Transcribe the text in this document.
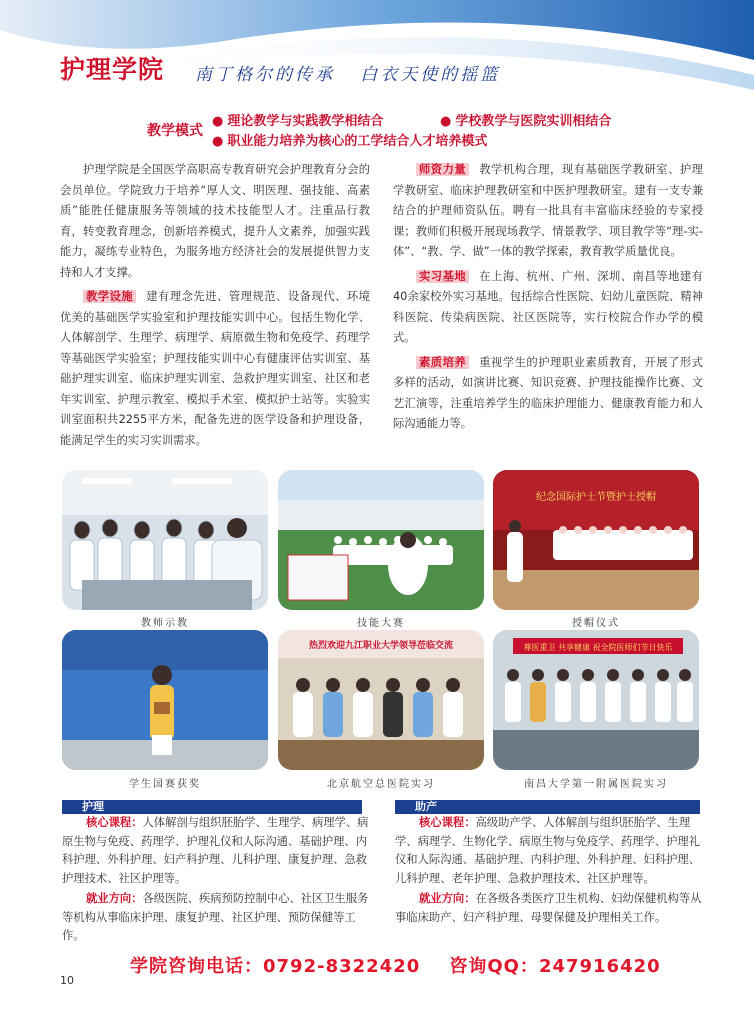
护理学院 南丁格尔的传承   白衣天使的摇篮
教学模式
● 理论教学与实践教学相结合	● 学校教学与医院实训相结合
● 职业能力培养为核心的工学结合人才培养模式

护理学院是全国医学高职高专教育研究会护理教育分会的会员单位。学院致力于培养“厚人文、明医理、强技能、高素质”能胜任健康服务等领域的技术技能型人才。注重品行教育，转变教育理念，创新培养模式，提升人文素养，加强实践能力，凝练专业特色，为服务地方经济社会的发展提供智力支持和人才支撑。

教学设施 建有理念先进、管理规范、设备现代、环境优美的基础医学实验室和护理技能实训中心。包括生物化学、人体解剖学、生理学、病理学、病原微生物和免疫学、药理学等基础医学实验室；护理技能实训中心有健康评估实训室、基础护理实训室、临床护理实训室、急救护理实训室、社区和老年实训室、护理示教室、模拟手术室、模拟护士站等。实验实训室面积共2255平方米，配备先进的医学设备和护理设备，能满足学生的实习实训需求。

师资力量 教学机构合理，现有基础医学教研室、护理学教研室、临床护理教研室和中医护理教研室。建有一支专兼结合的护理师资队伍。聘有一批具有丰富临床经验的专家授课；教师们积极开展现场教学、情景教学、项目教学等“理-实-体”、“教、学、做”一体的教学探索，教育教学质量优良。

实习基地 在上海、杭州、广州、深圳、南昌等地建有40余家校外实习基地。包括综合性医院、妇幼儿童医院、精神科医院、传染病医院、社区医院等，实行校院合作办学的模式。

素质培养 重视学生的护理职业素质教育，开展了形式多样的活动，如演讲比赛、知识竞赛、护理技能操作比赛、文艺汇演等，注重培养学生的临床护理能力、健康教育能力和人际沟通能力等。

纪念国际护士节暨护士授帽
教师示教	技能大赛	授帽仪式
热烈欢迎九江职业大学领导莅临交流	尊医重卫 共享健康 祝全院医师们节日快乐
学生国赛获奖	北京航空总医院实习	南昌大学第一附属医院实习
护理
核心课程：人体解剖与组织胚胎学、生理学、病理学、病原生物与免疫、药理学、护理礼仪和人际沟通、基础护理、内科护理、外科护理、妇产科护理、儿科护理、康复护理、急救护理技术、社区护理等。
就业方向：各级医院、疾病预防控制中心、社区卫生服务等机构从事临床护理、康复护理、社区护理、预防保健等工作。
助产
核心课程：高级助产学、人体解剖与组织胚胎学、生理学、病理学、生物化学、病原生物与免疫学、药理学、护理礼仪和人际沟通、基础护理、内科护理、外科护理、妇科护理、儿科护理、老年护理、急救护理技术、社区护理等。
就业方向：在各级各类医疗卫生机构、妇幼保健机构等从事临床助产、妇产科护理、母婴保健及护理相关工作。
学院咨询电话：0792-8322420 咨询QQ：247916420
10
